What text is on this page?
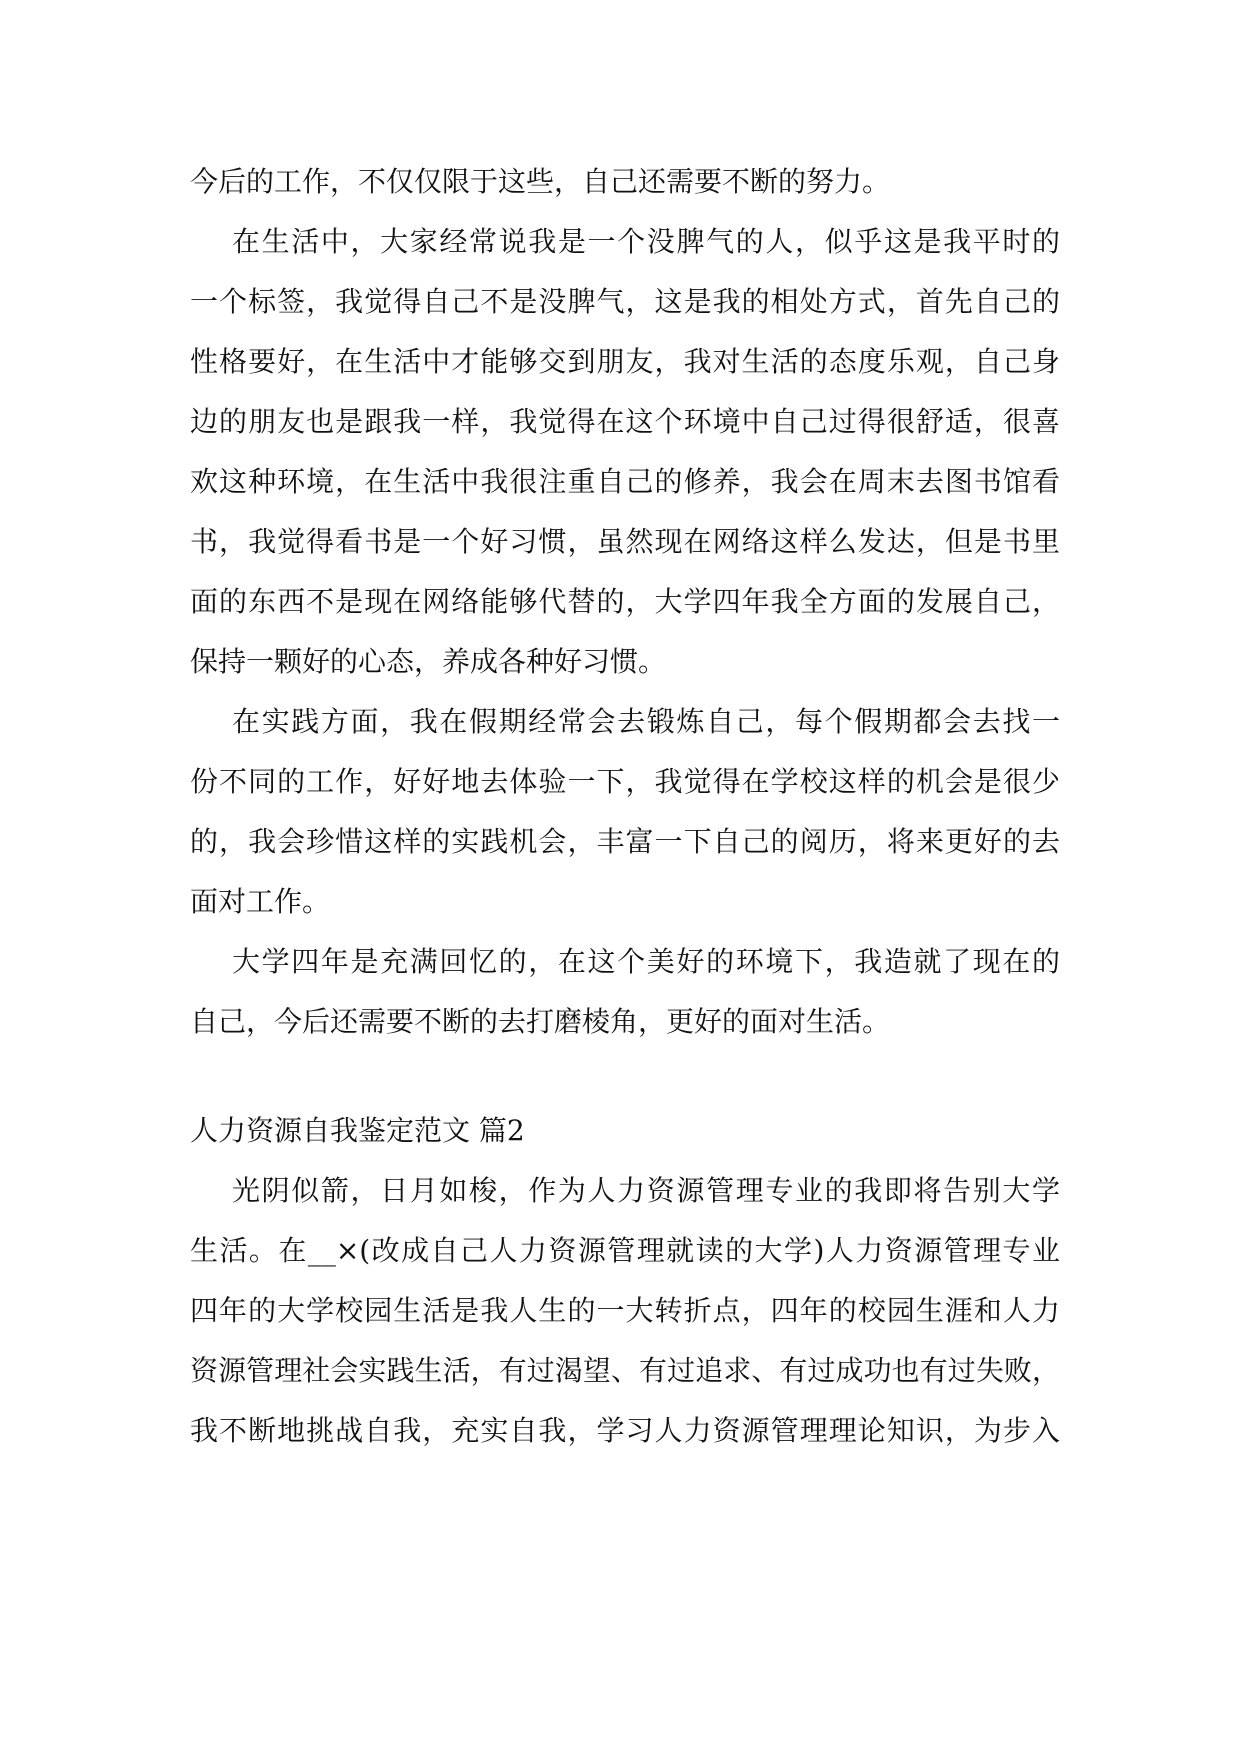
今后的工作，不仅仅限于这些，自己还需要不断的努力。
在生活中，大家经常说我是一个没脾气的人，似乎这是我平时的
一个标签，我觉得自己不是没脾气，这是我的相处方式，首先自己的
性格要好，在生活中才能够交到朋友，我对生活的态度乐观，自己身
边的朋友也是跟我一样，我觉得在这个环境中自己过得很舒适，很喜
欢这种环境，在生活中我很注重自己的修养，我会在周末去图书馆看
书，我觉得看书是一个好习惯，虽然现在网络这样么发达，但是书里
面的东西不是现在网络能够代替的，大学四年我全方面的发展自己，
保持一颗好的心态，养成各种好习惯。
在实践方面，我在假期经常会去锻炼自己，每个假期都会去找一
份不同的工作，好好地去体验一下，我觉得在学校这样的机会是很少
的，我会珍惜这样的实践机会，丰富一下自己的阅历，将来更好的去
面对工作。
大学四年是充满回忆的，在这个美好的环境下，我造就了现在的
自己，今后还需要不断的去打磨棱角，更好的面对生活。
人力资源自我鉴定范文 篇2
光阴似箭，日月如梭，作为人力资源管理专业的我即将告别大学
生活。在__×(改成自己人力资源管理就读的大学)人力资源管理专业
四年的大学校园生活是我人生的一大转折点，四年的校园生涯和人力
资源管理社会实践生活，有过渴望、有过追求、有过成功也有过失败，
我不断地挑战自我，充实自我，学习人力资源管理理论知识，为步入
